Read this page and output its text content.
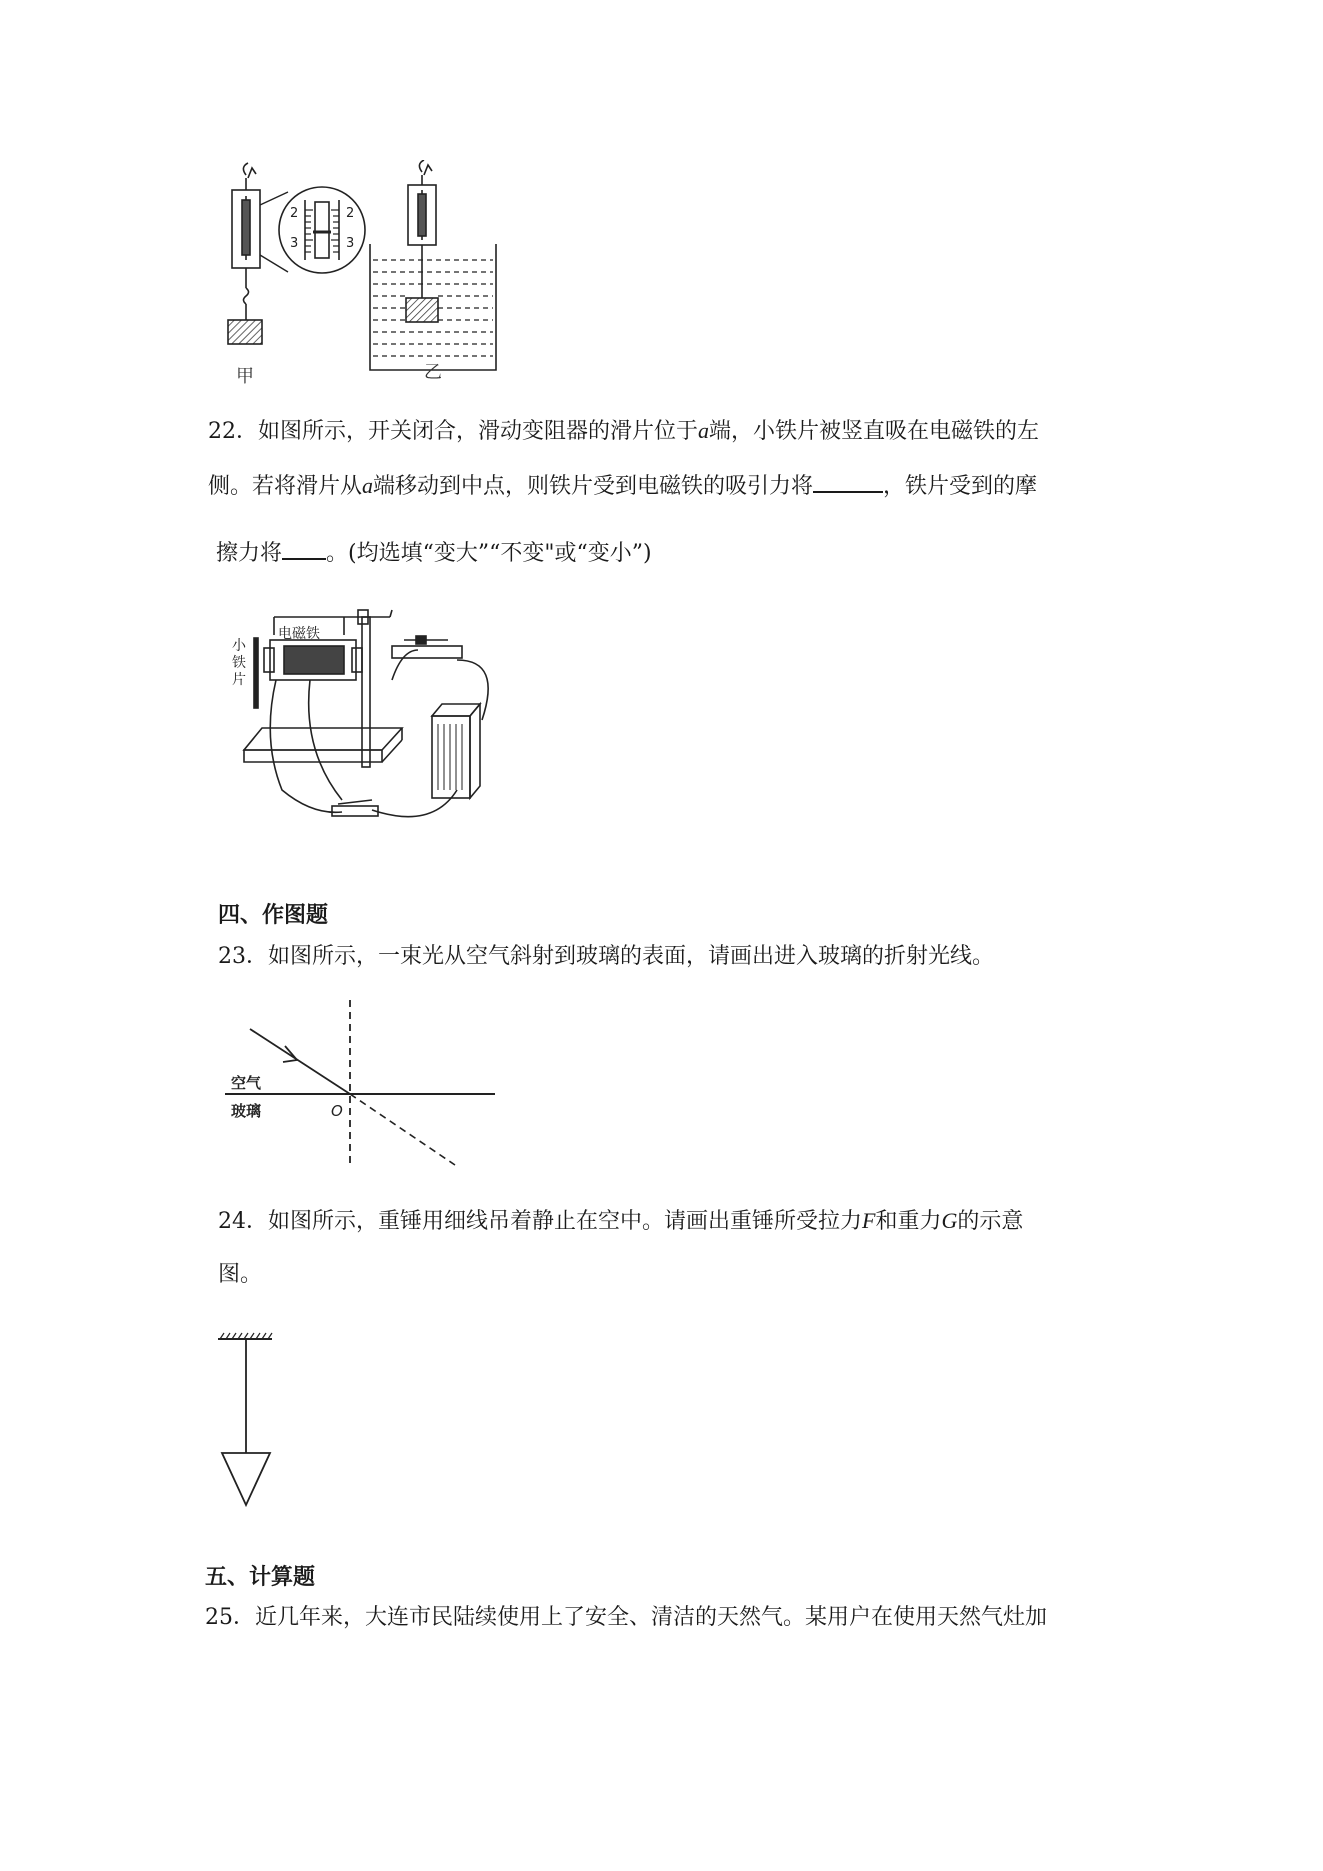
2
3
2
3
甲	乙
22．如图所示，开关闭合，滑动变阻器的滑片位于a端，小铁片被竖直吸在电磁铁的左
侧。若将滑片从a端移动到中点，则铁片受到电磁铁的吸引力将	，铁片受到的摩
擦力将 。(均选填“变大”“不变"或“变小”)
小铁片
电磁铁
四、作图题
23．如图所示，一束光从空气斜射到玻璃的表面，请画出进入玻璃的折射光线。
空气
玻璃	O
24．如图所示，重锤用细线吊着静止在空中。请画出重锤所受拉力F和重力G的示意
图。
五、计算题
25．近几年来，大连市民陆续使用上了安全、清洁的天然气。某用户在使用天然气灶加
